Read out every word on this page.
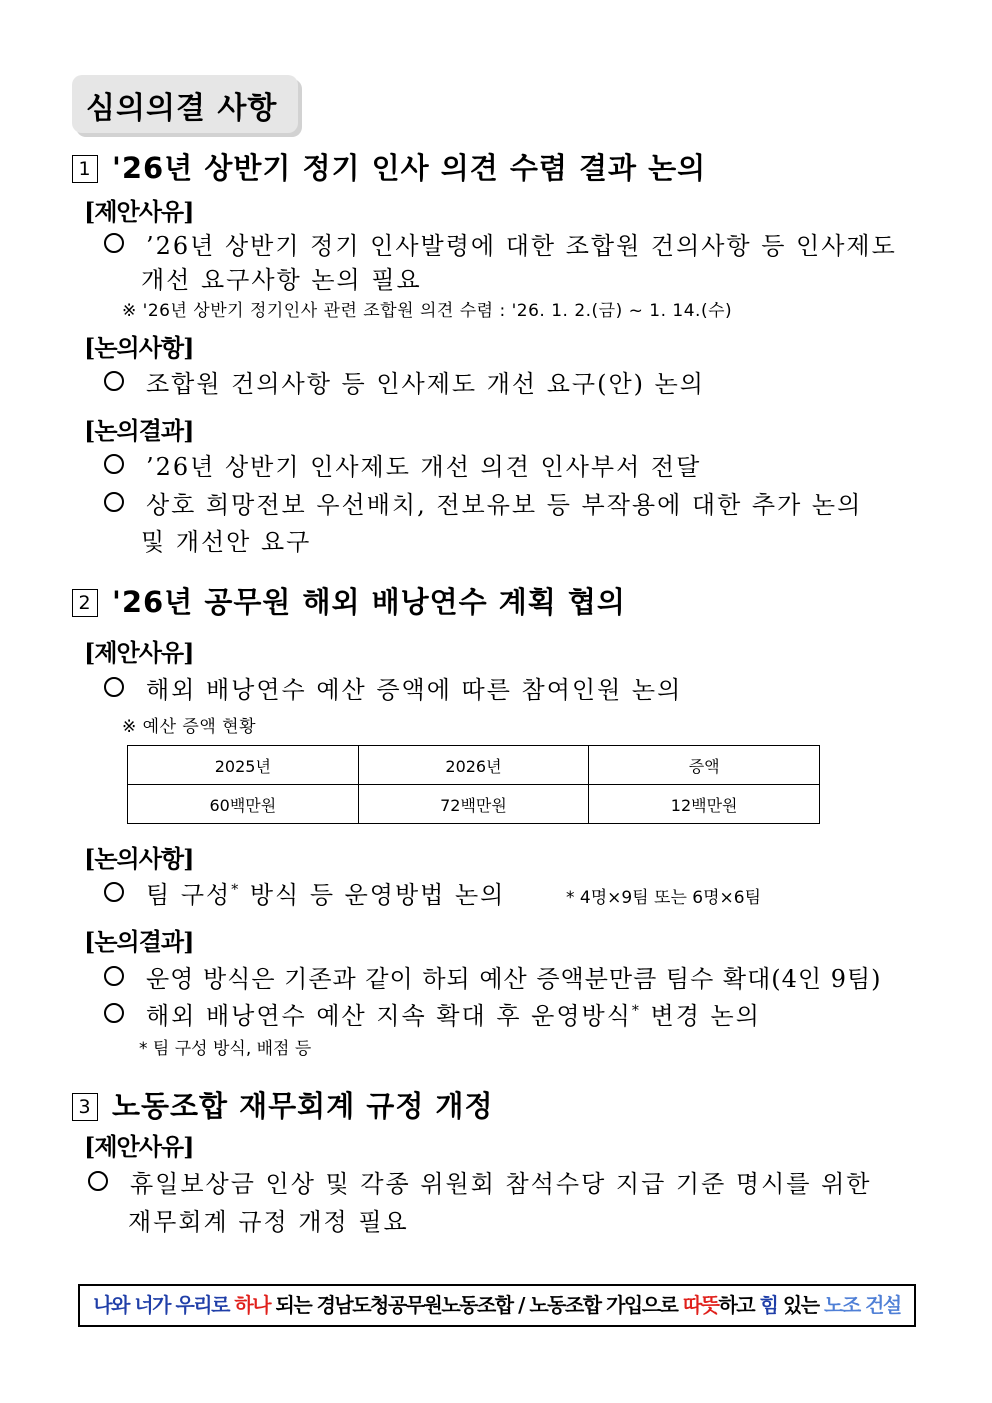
심의의결 사항
1 '26년 상반기 정기 인사 의견 수렴 결과 논의
[제안사유]
’26년 상반기 정기 인사발령에 대한 조합원 건의사항 등 인사제도
개선 요구사항 논의 필요
※ '26년 상반기 정기인사 관련 조합원 의견 수렴 : '26. 1. 2.(금) ~ 1. 14.(수)
[논의사항]
조합원 건의사항 등 인사제도 개선 요구(안) 논의
[논의결과]
’26년 상반기 인사제도 개선 의견 인사부서 전달
상호 희망전보 우선배치, 전보유보 등 부작용에 대한 추가 논의
및 개선안 요구
2 '26년 공무원 해외 배낭연수 계획 협의
[제안사유]
해외 배낭연수 예산 증액에 따른 참여인원 논의
※ 예산 증액 현황
2025년	2026년	증액
60백만원	72백만원	12백만원
[논의사항]
팀 구성* 방식 등 운영방법 논의	* 4명×9팀 또는 6명×6팀
[논의결과]
운영 방식은 기존과 같이 하되 예산 증액분만큼 팀수 확대(4인 9팀)
해외 배낭연수 예산 지속 확대 후 운영방식* 변경 논의
* 팀 구성 방식, 배점 등
3 노동조합 재무회계 규정 개정
[제안사유]
휴일보상금 인상 및 각종 위원회 참석수당 지급 기준 명시를 위한
재무회계 규정 개정 필요
나와 너가 우리로 하나 되는 경남도청공무원노동조합 / 노동조합 가입으로 따뜻하고 힘 있는 노조 건설
